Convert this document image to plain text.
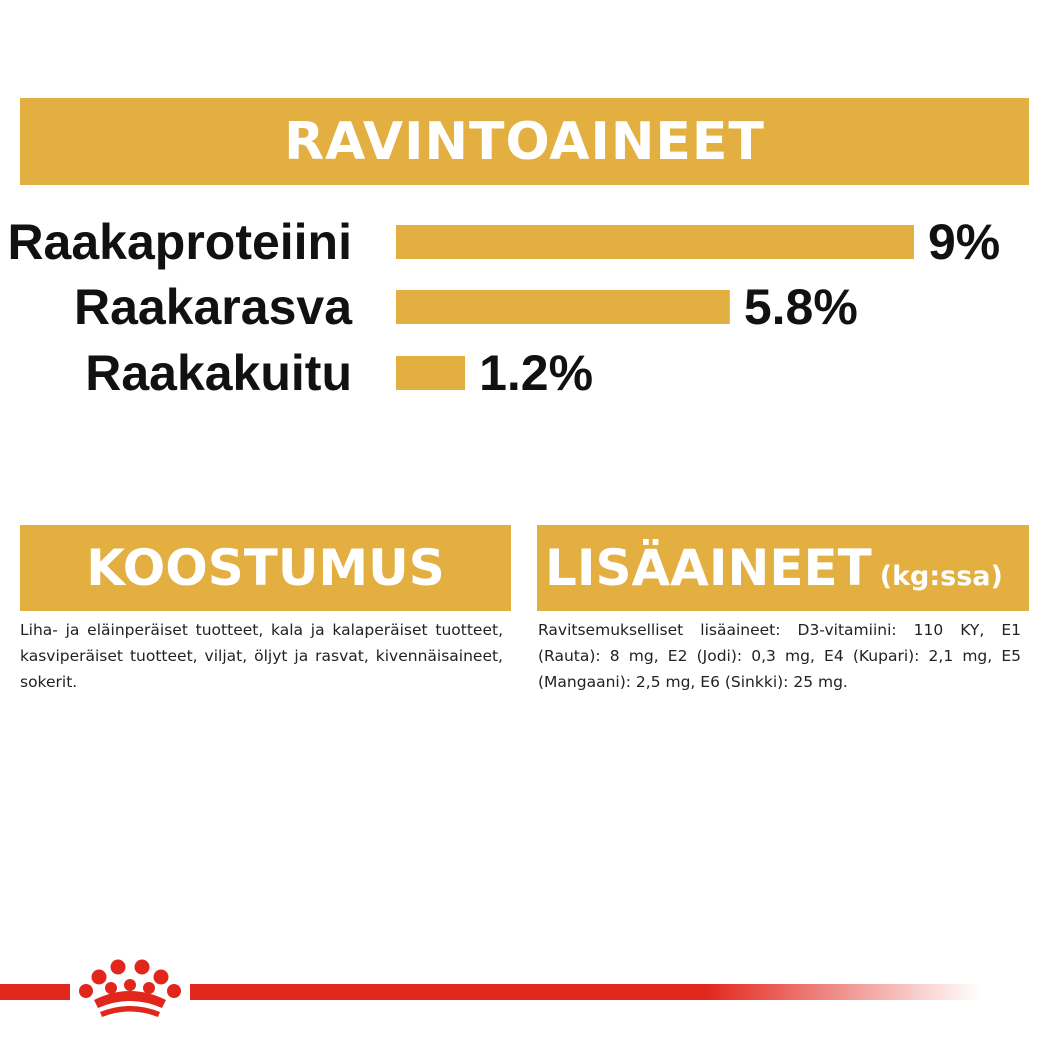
RAVINTOAINEET
Raakaproteiini	9%
Raakarasva	5.8%
Raakakuitu	1.2%
KOOSTUMUS LISÄAINEET (kg:ssa)

Liha- ja eläinperäiset tuotteet, kala ja kalaperäiset tuotteet, kasviperäiset tuotteet, viljat, öljyt ja rasvat, kivennäisaineet, sokerit.

Ravitsemukselliset lisäaineet: D3-vitamiini: 110 KY, E1 (Rauta): 8 mg, E2 (Jodi): 0,3 mg, E4 (Kupari): 2,1 mg, E5 (Mangaani): 2,5 mg, E6 (Sinkki): 25 mg.
